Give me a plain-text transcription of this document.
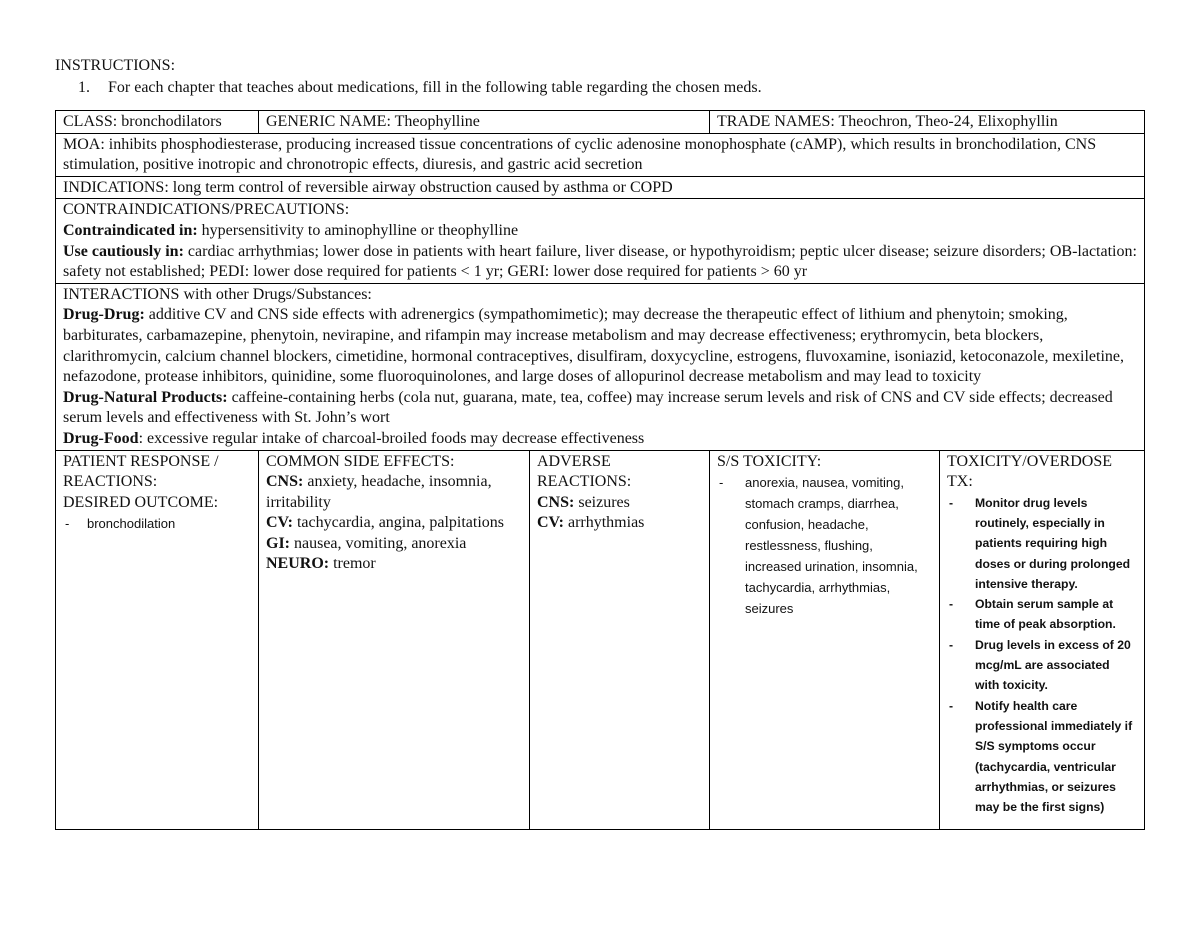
INSTRUCTIONS:
1. For each chapter that teaches about medications, fill in the following table regarding the chosen meds.
CLASS: bronchodilators	GENERIC NAME: Theophylline	TRADE NAMES: Theochron, Theo-24, Elixophyllin
MOA: inhibits phosphodiesterase, producing increased tissue concentrations of cyclic adenosine monophosphate (cAMP), which results in bronchodilation, CNS stimulation, positive inotropic and chronotropic effects, diuresis, and gastric acid secretion
INDICATIONS: long term control of reversible airway obstruction caused by asthma or COPD
CONTRAINDICATIONS/PRECAUTIONS:
Contraindicated in: hypersensitivity to aminophylline or theophylline
Use cautiously in: cardiac arrhythmias; lower dose in patients with heart failure, liver disease, or hypothyroidism; peptic ulcer disease; seizure disorders; OB-lactation: safety not established; PEDI: lower dose required for patients < 1 yr; GERI: lower dose required for patients > 60 yr
INTERACTIONS with other Drugs/Substances:
Drug-Drug: additive CV and CNS side effects with adrenergics (sympathomimetic); may decrease the therapeutic effect of lithium and phenytoin; smoking, barbiturates, carbamazepine, phenytoin, nevirapine, and rifampin may increase metabolism and may decrease effectiveness; erythromycin, beta blockers, clarithromycin, calcium channel blockers, cimetidine, hormonal contraceptives, disulfiram, doxycycline, estrogens, fluvoxamine, isoniazid, ketoconazole, mexiletine, nefazodone, protease inhibitors, quinidine, some fluoroquinolones, and large doses of allopurinol decrease metabolism and may lead to toxicity
Drug-Natural Products: caffeine-containing herbs (cola nut, guarana, mate, tea, coffee) may increase serum levels and risk of CNS and CV side effects; decreased serum levels and effectiveness with St. John’s wort
Drug-Food: excessive regular intake of charcoal-broiled foods may decrease effectiveness
PATIENT RESPONSE /
REACTIONS:
DESIRED OUTCOME:
- bronchodilation
COMMON SIDE EFFECTS:
CNS: anxiety, headache, insomnia, irritability
CV: tachycardia, angina, palpitations
GI: nausea, vomiting, anorexia
NEURO: tremor
ADVERSE
REACTIONS:
CNS: seizures
CV: arrhythmias
S/S TOXICITY:
- anorexia, nausea, vomiting, stomach cramps, diarrhea, confusion, headache, restlessness, flushing, increased urination, insomnia, tachycardia, arrhythmias, seizures
TOXICITY/OVERDOSE
TX:
- Monitor drug levels routinely, especially in patients requiring high doses or during prolonged intensive therapy.
- Obtain serum sample at time of peak absorption.
- Drug levels in excess of 20 mcg/mL are associated with toxicity.
- Notify health care professional immediately if S/S symptoms occur (tachycardia, ventricular arrhythmias, or seizures may be the first signs)
